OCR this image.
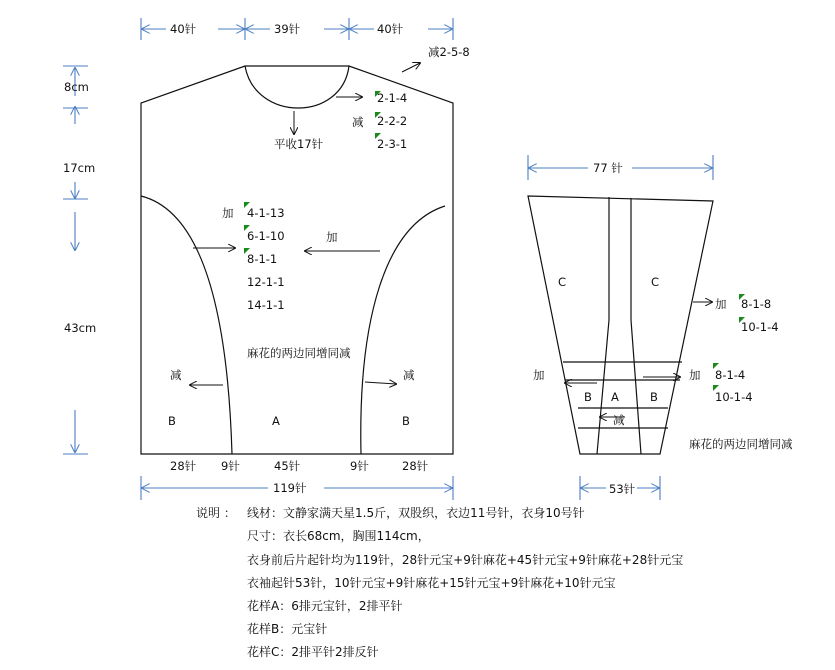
40针	39针	40针
8cm
17cm
43cm
减2-5-8
减
2-1-4
2-2-2
2-3-1
平收17针
加
加
4-1-13
6-1-10
8-1-1
12-1-1
14-1-1
麻花的两边同增同减
减	减
B	A	B
28针 9针	45针	9针	28针
119针
77 针
C	C
加 8-1-8
10-1-4
加	加 8-1-4
10-1-4
B A	B
减
麻花的两边同增同减
53针
说明 ： 线材：文静家满天星1.5斤，双股织，衣边11号针，衣身10号针
尺寸：衣长68cm，胸围114cm，
衣身前后片起针均为119针，28针元宝+9针麻花+45针元宝+9针麻花+28针元宝
衣袖起针53针，10针元宝+9针麻花+15针元宝+9针麻花+10针元宝
花样A：6排元宝针，2排平针
花样B：元宝针
花样C：2排平针2排反针
